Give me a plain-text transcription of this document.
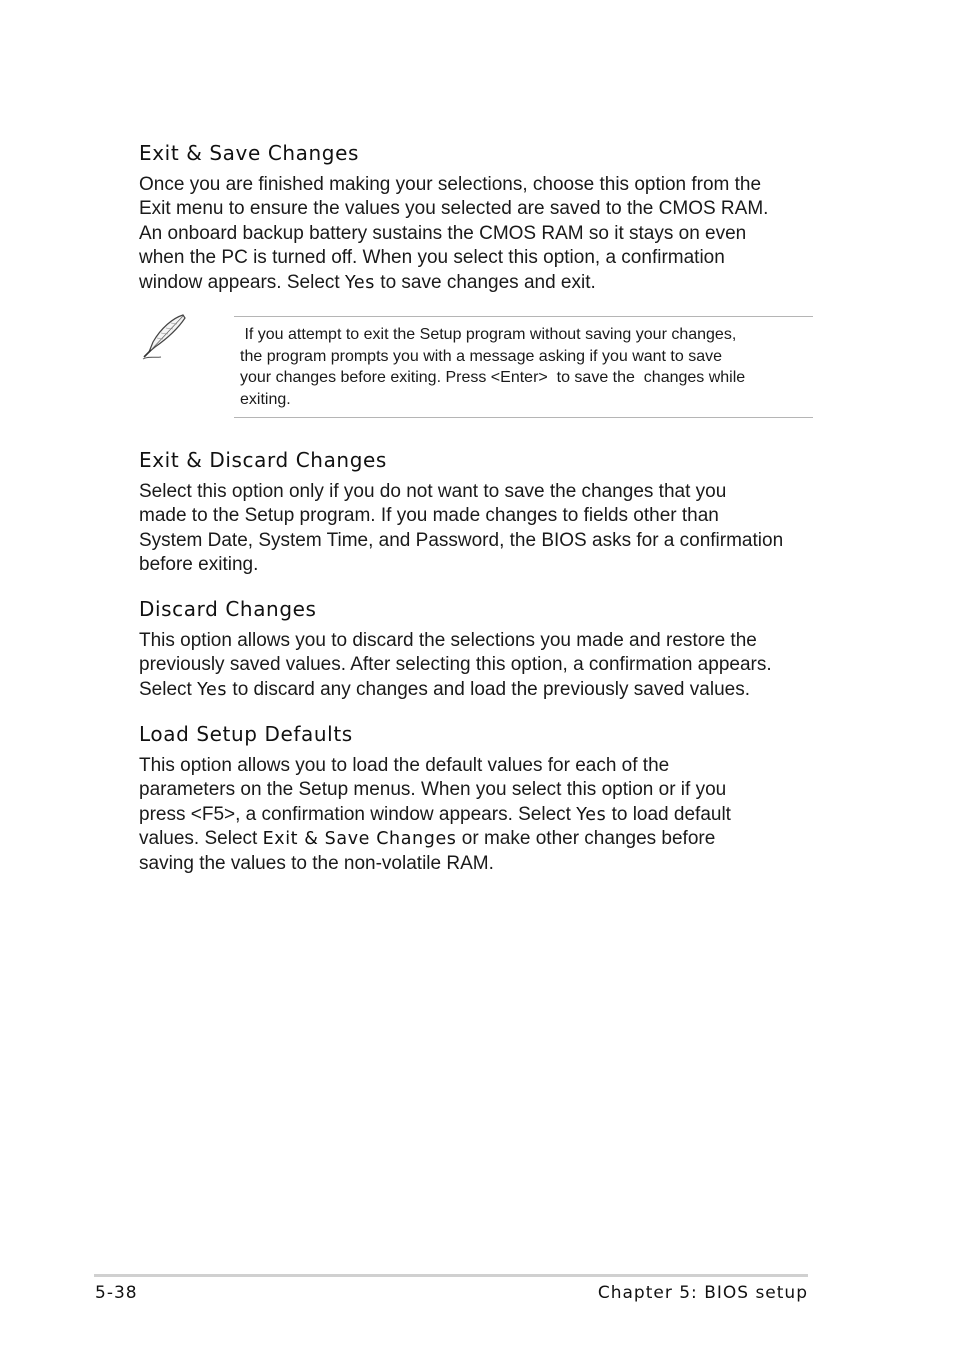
Exit & Save Changes

Once you are finished making your selections, choose this option from the
Exit menu to ensure the values you selected are saved to the CMOS RAM.
An onboard backup battery sustains the CMOS RAM so it stays on even
when the PC is turned off. When you select this option, a confirmation
window appears. Select Yes to save changes and exit.

If you attempt to exit the Setup program without saving your changes,
the program prompts you with a message asking if you want to save
your changes before exiting. Press <Enter>  to save the  changes while
exiting.

Exit & Discard Changes

Select this option only if you do not want to save the changes that you
made to the Setup program. If you made changes to fields other than
System Date, System Time, and Password, the BIOS asks for a confirmation
before exiting.

Discard Changes

This option allows you to discard the selections you made and restore the
previously saved values. After selecting this option, a confirmation appears.
Select Yes to discard any changes and load the previously saved values.

Load Setup Defaults

This option allows you to load the default values for each of the
parameters on the Setup menus. When you select this option or if you
press <F5>, a confirmation window appears. Select Yes to load default
values. Select Exit & Save Changes or make other changes before
saving the values to the non-volatile RAM.

5-38	Chapter 5: BIOS setup
